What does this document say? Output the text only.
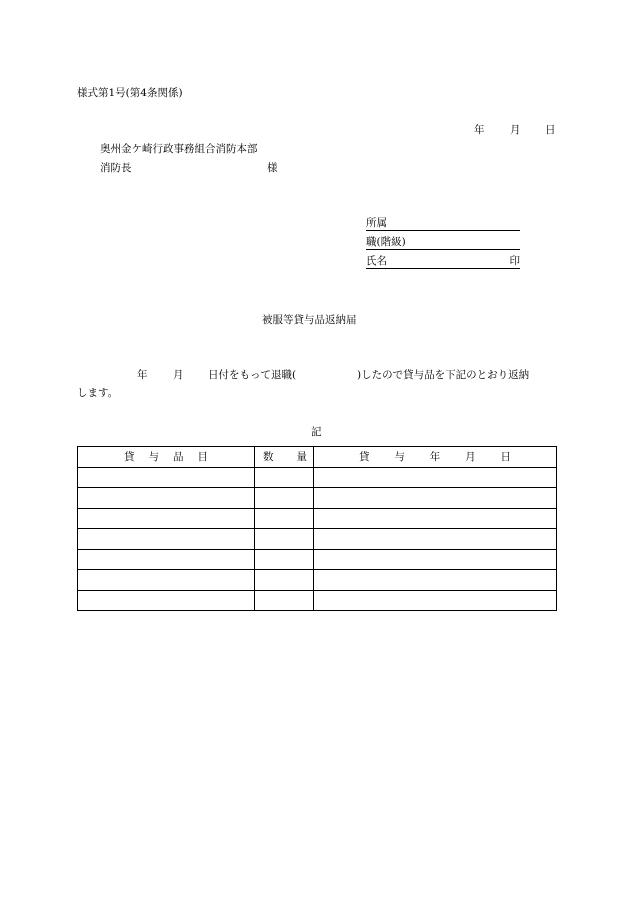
様式第1号(第4条関係)
年 月 日
奥州金ケ崎行政事務組合消防本部
消防長	様
所属
職(階級)
氏名	印
被服等貸与品返納届
年 月 日付をもって退職(	)したので貸与品を下記のとおり返納
します。
記
貸 与 品 目	数 量	貸 与 年 月 日
